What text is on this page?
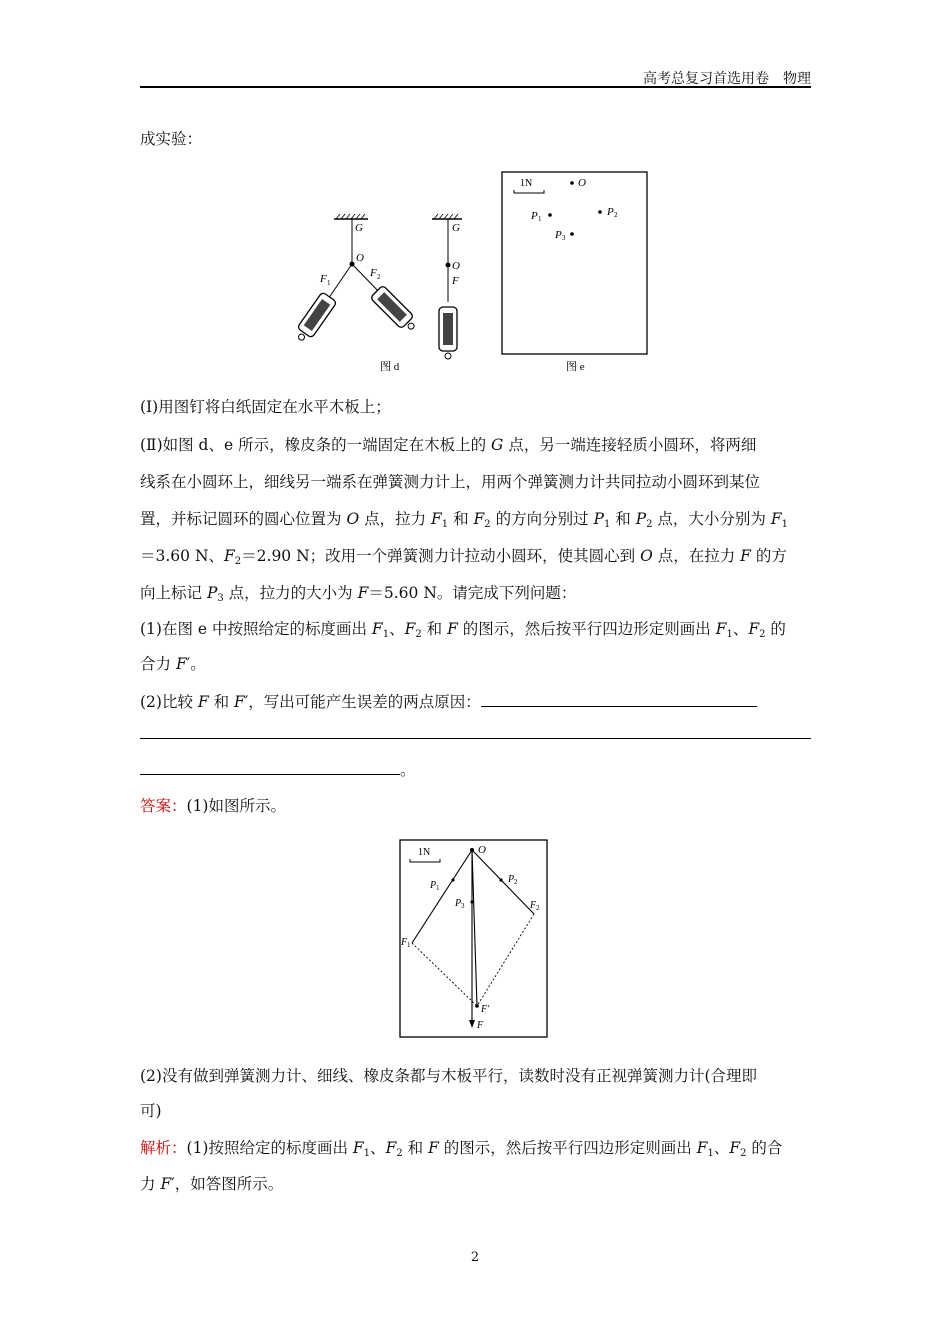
高考总复习首选用卷　物理
成实验：
G
O
F 1
F 2
G
O
F
图 d
1N	O
P 1
P 2
P 3
图 e
(Ⅰ)用图钉将白纸固定在水平木板上；
(Ⅱ)如图 d、e 所示，橡皮条的一端固定在木板上的 G 点，另一端连接轻质小圆环，将两细
线系在小圆环上，细线另一端系在弹簧测力计上，用两个弹簧测力计共同拉动小圆环到某位
置，并标记圆环的圆心位置为 O 点，拉力 $F_1$ 和 $F_2$ 的方向分别过 $P_1$ 和 $P_2$ 点，大小分别为 $F_1$
＝3.60 N、$F_2=2.90$ N；改用一个弹簧测力计拉动小圆环，使其圆心到 O 点，在拉力 F 的方
向上标记 $P_3$ 点，拉力的大小为 F＝5.60 N。请完成下列问题：
(1)在图 e 中按照给定的标度画出 $F_1$、$F_2$ 和 F 的图示，然后按平行四边形定则画出 $F_1$、$F_2$ 的
合力 F′。
(2)比较 F 和 F′，写出可能产生误差的两点原因：
。
答案：(1)如图所示。
1N	O
P 1
F 1
P 2
F 2
P 3
F
F′
(2)没有做到弹簧测力计、细线、橡皮条都与木板平行，读数时没有正视弹簧测力计(合理即
可)
解析：(1)按照给定的标度画出 $F_1$、$F_2$ 和 F 的图示，然后按平行四边形定则画出 $F_1$、$F_2$ 的合
力 F′，如答图所示。
2
